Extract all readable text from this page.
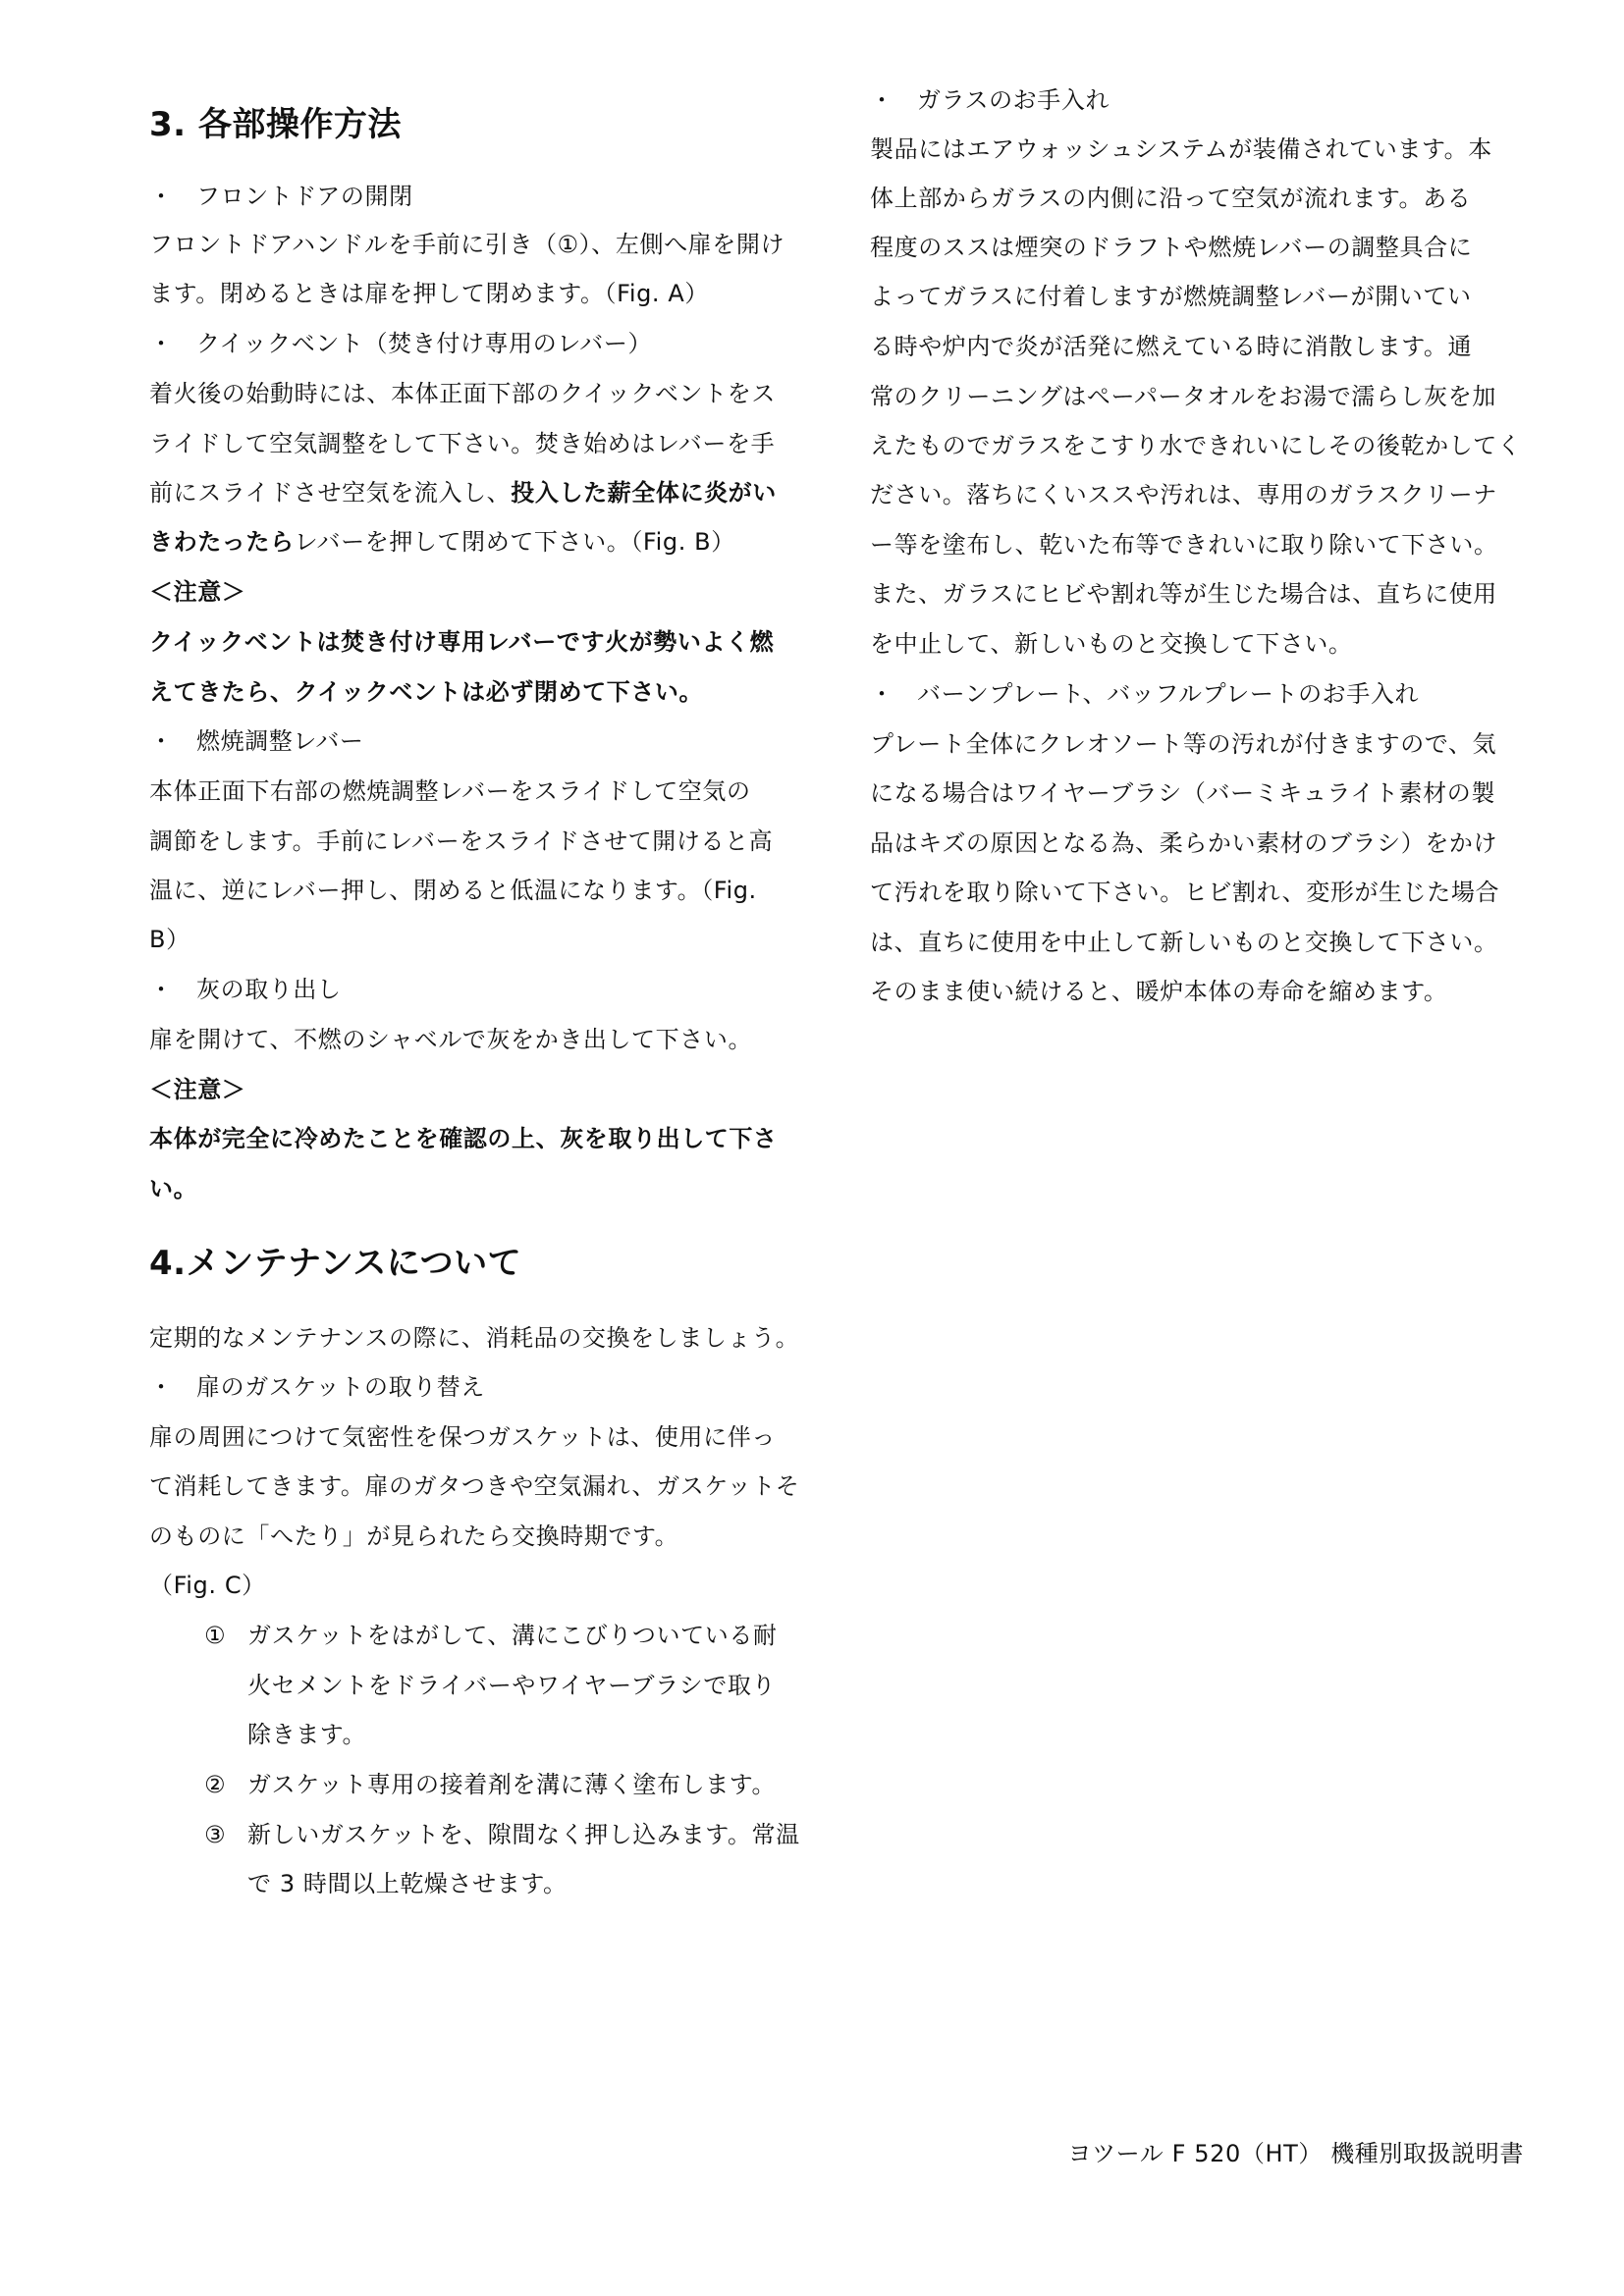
3. 各部操作方法

・ フロントドアの開閉

フロントドアハンドルを手前に引き（①）、左側へ扉を開け

ます。閉めるときは扉を押して閉めます。（Fig. A）

・ クイックベント（焚き付け専用のレバー）

着火後の始動時には、本体正面下部のクイックベントをス

ライドして空気調整をして下さい。焚き始めはレバーを手

前にスライドさせ空気を流入し、投入した薪全体に炎がい

きわたったらレバーを押して閉めて下さい。（Fig. B）

＜注意＞

クイックベントは焚き付け専用レバーです火が勢いよく燃

えてきたら、クイックベントは必ず閉めて下さい。

・ 燃焼調整レバー

本体正面下右部の燃焼調整レバーをスライドして空気の

調節をします。手前にレバーをスライドさせて開けると高

温に、逆にレバー押し、閉めると低温になります。（Fig.

B）

・ 灰の取り出し

扉を開けて、不燃のシャベルで灰をかき出して下さい。

＜注意＞

本体が完全に冷めたことを確認の上、灰を取り出して下さ

い。

4.メンテナンスについて

定期的なメンテナンスの際に、消耗品の交換をしましょう。

・ 扉のガスケットの取り替え

扉の周囲につけて気密性を保つガスケットは、使用に伴っ

て消耗してきます。扉のガタつきや空気漏れ、ガスケットそ

のものに「へたり」が見られたら交換時期です。

（Fig. C）

① ガスケットをはがして、溝にこびりついている耐

火セメントをドライバーやワイヤーブラシで取り

除きます。

② ガスケット専用の接着剤を溝に薄く塗布します。

③ 新しいガスケットを、隙間なく押し込みます。常温

で 3 時間以上乾燥させます。

・ ガラスのお手入れ

製品にはエアウォッシュシステムが装備されています。本

体上部からガラスの内側に沿って空気が流れます。ある

程度のススは煙突のドラフトや燃焼レバーの調整具合に

よってガラスに付着しますが燃焼調整レバーが開いてい

る時や炉内で炎が活発に燃えている時に消散します。通

常のクリーニングはペーパータオルをお湯で濡らし灰を加

えたものでガラスをこすり水できれいにしその後乾かしてく

ださい。落ちにくいススや汚れは、専用のガラスクリーナ

ー等を塗布し、乾いた布等できれいに取り除いて下さい。

また、ガラスにヒビや割れ等が生じた場合は、直ちに使用

を中止して、新しいものと交換して下さい。

・ バーンプレート、バッフルプレートのお手入れ

プレート全体にクレオソート等の汚れが付きますので、気

になる場合はワイヤーブラシ（バーミキュライト素材の製

品はキズの原因となる為、柔らかい素材のブラシ）をかけ

て汚れを取り除いて下さい。ヒビ割れ、変形が生じた場合

は、直ちに使用を中止して新しいものと交換して下さい。

そのまま使い続けると、暖炉本体の寿命を縮めます。

ヨツール F 520（HT） 機種別取扱説明書
